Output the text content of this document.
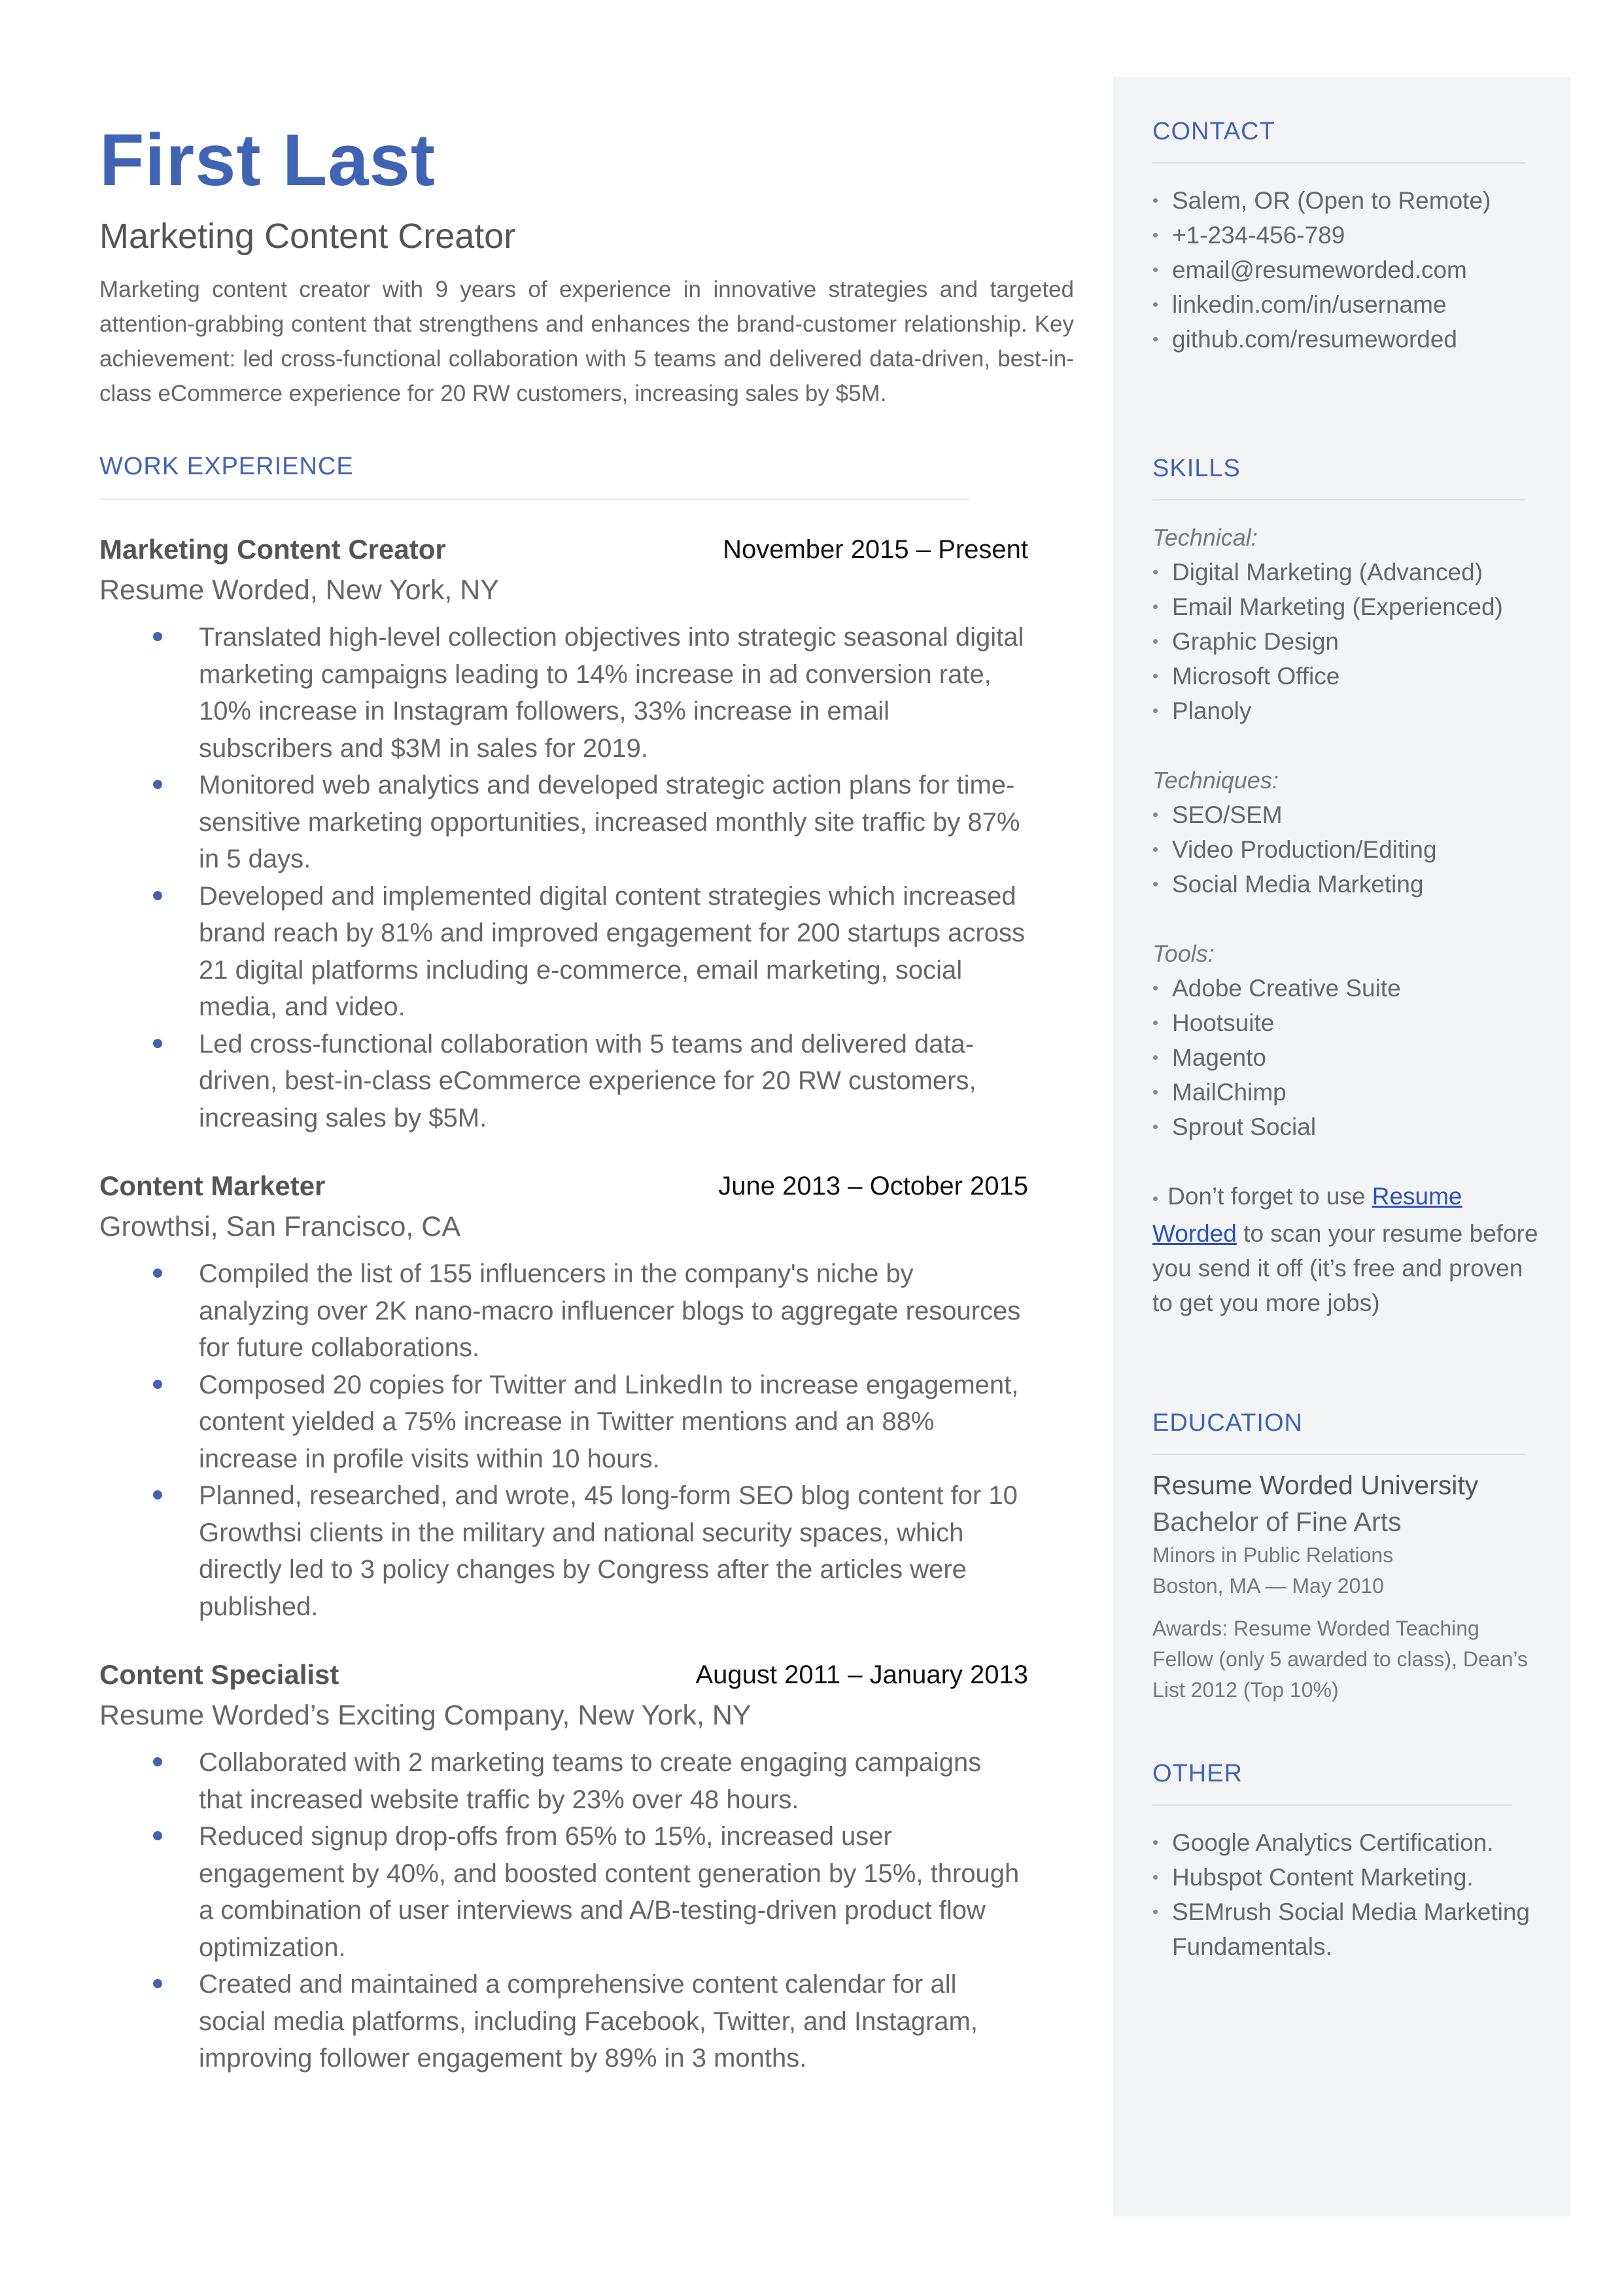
First Last
Marketing Content Creator
Marketing content creator with 9 years of experience in innovative strategies and targeted attention-grabbing content that strengthens and enhances the brand-customer relationship. Key achievement: led cross-functional collaboration with 5 teams and delivered data-driven, best-in-class eCommerce experience for 20 RW customers, increasing sales by $5M.
WORK EXPERIENCE
Marketing Content Creator	November 2015 – Present
Resume Worded, New York, NY
Translated high-level collection objectives into strategic seasonal digital marketing campaigns leading to 14% increase in ad conversion rate, 10% increase in Instagram followers, 33% increase in email subscribers and $3M in sales for 2019.
Monitored web analytics and developed strategic action plans for time-sensitive marketing opportunities, increased monthly site traffic by 87% in 5 days.
Developed and implemented digital content strategies which increased brand reach by 81% and improved engagement for 200 startups across 21 digital platforms including e-commerce, email marketing, social media, and video.
Led cross-functional collaboration with 5 teams and delivered data-driven, best-in-class eCommerce experience for 20 RW customers, increasing sales by $5M.
Content Marketer	June 2013 – October 2015
Growthsi, San Francisco, CA
Compiled the list of 155 influencers in the company's niche by analyzing over 2K nano-macro influencer blogs to aggregate resources for future collaborations.
Composed 20 copies for Twitter and LinkedIn to increase engagement, content yielded a 75% increase in Twitter mentions and an 88% increase in profile visits within 10 hours.
Planned, researched, and wrote, 45 long-form SEO blog content for 10 Growthsi clients in the military and national security spaces, which directly led to 3 policy changes by Congress after the articles were published.
Content Specialist	August 2011 – January 2013
Resume Worded’s Exciting Company, New York, NY
Collaborated with 2 marketing teams to create engaging campaigns that increased website traffic by 23% over 48 hours.
Reduced signup drop-offs from 65% to 15%, increased user engagement by 40%, and boosted content generation by 15%, through a combination of user interviews and A/B-testing-driven product flow optimization.
Created and maintained a comprehensive content calendar for all social media platforms, including Facebook, Twitter, and Instagram, improving follower engagement by 89% in 3 months.
CONTACT
• Salem, OR (Open to Remote)
• +1-234-456-789
• email@resumeworded.com
• linkedin.com/in/username
• github.com/resumeworded
SKILLS
Technical:
• Digital Marketing (Advanced)
• Email Marketing (Experienced)
• Graphic Design
• Microsoft Office
• Planoly
Techniques:
• SEO/SEM
• Video Production/Editing
• Social Media Marketing
Tools:
• Adobe Creative Suite
• Hootsuite
• Magento
• MailChimp
• Sprout Social
• Don’t forget to use Resume Worded to scan your resume before you send it off (it’s free and proven to get you more jobs)
EDUCATION
Resume Worded University
Bachelor of Fine Arts
Minors in Public Relations
Boston, MA — May 2010
Awards: Resume Worded Teaching Fellow (only 5 awarded to class), Dean’s List 2012 (Top 10%)
OTHER
• Google Analytics Certification.
• Hubspot Content Marketing.
• SEMrush Social Media Marketing Fundamentals.
